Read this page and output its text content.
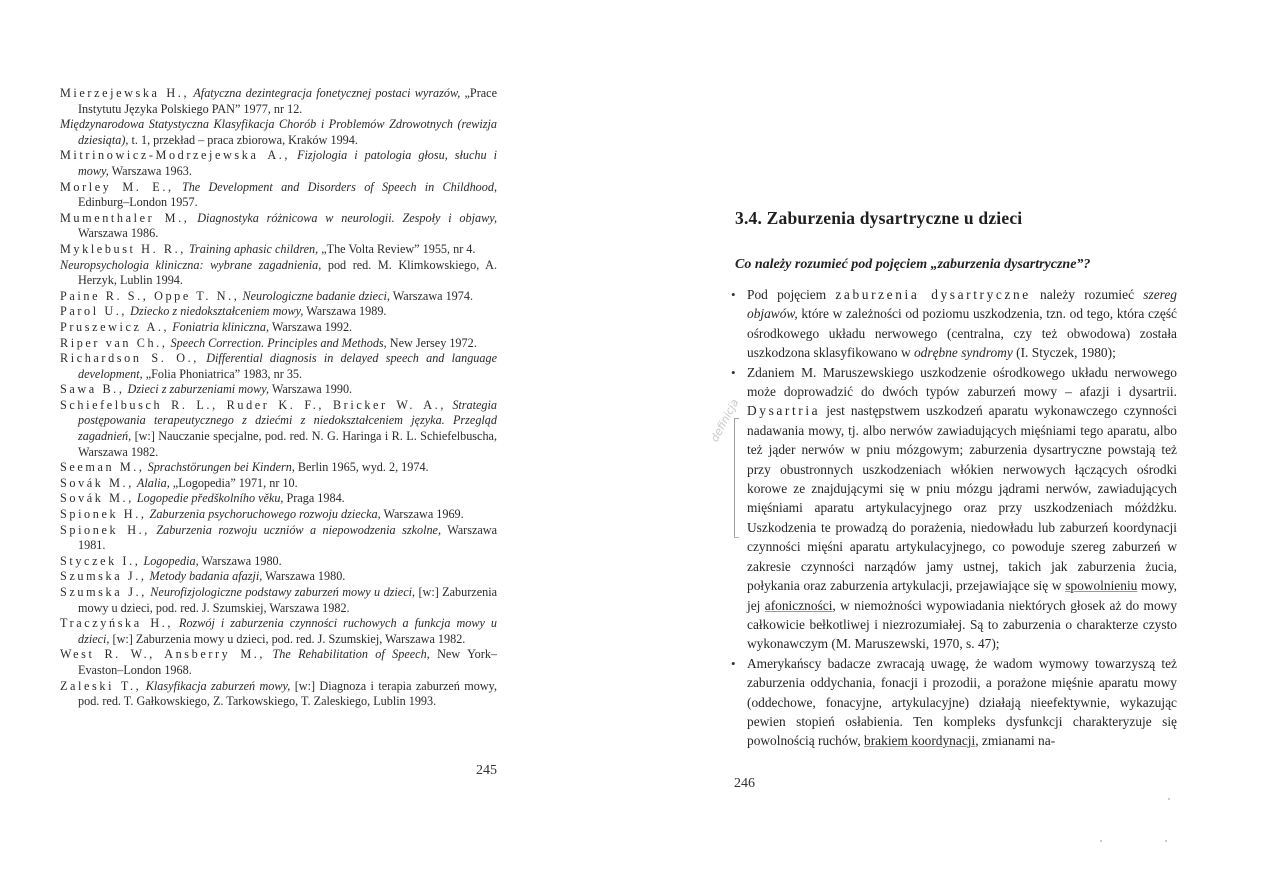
Mierzejewska H., Afatyczna dezintegracja fonetycznej postaci wyrazów, „Prace Instytutu Języka Polskiego PAN” 1977, nr 12.

Międzynarodowa Statystyczna Klasyfikacja Chorób i Problemów Zdrowotnych (rewizja dziesiąta), t. 1, przekład – praca zbiorowa, Kraków 1994.

Mitrinowicz-Modrzejewska A., Fizjologia i patologia głosu, słuchu i mowy, Warszawa 1963.

Morley M. E., The Development and Disorders of Speech in Childhood, Edinburg–London 1957.

Mumenthaler M., Diagnostyka różnicowa w neurologii. Zespoły i objawy, Warszawa 1986.

Myklebust H. R., Training aphasic children, „The Volta Review” 1955, nr 4.

Neuropsychologia kliniczna: wybrane zagadnienia, pod red. M. Klimkowskiego, A. Herzyk, Lublin 1994.

Paine R. S., Oppe T. N., Neurologiczne badanie dzieci, Warszawa 1974.

Parol U., Dziecko z niedokształceniem mowy, Warszawa 1989.

Pruszewicz A., Foniatria kliniczna, Warszawa 1992.

Riper van Ch., Speech Correction. Principles and Methods, New Jersey 1972.

Richardson S. O., Differential diagnosis in delayed speech and language development, „Folia Phoniatrica” 1983, nr 35.

Sawa B., Dzieci z zaburzeniami mowy, Warszawa 1990.

Schiefelbusch R. L., Ruder K. F., Bricker W. A., Strategia postępowania terapeutycznego z dziećmi z niedokształceniem języka. Przegląd zagadnień, [w:] Nauczanie specjalne, pod. red. N. G. Haringa i R. L. Schiefelbuscha, Warszawa 1982.

Seeman M., Sprachstörungen bei Kindern, Berlin 1965, wyd. 2, 1974.

Sovák M., Alalia, „Logopedia” 1971, nr 10.

Sovák M., Logopedie předškolního věku, Praga 1984.

Spionek H., Zaburzenia psychoruchowego rozwoju dziecka, Warszawa 1969.

Spionek H., Zaburzenia rozwoju uczniów a niepowodzenia szkolne, Warszawa 1981.

Styczek I., Logopedia, Warszawa 1980.

Szumska J., Metody badania afazji, Warszawa 1980.

Szumska J., Neurofizjologiczne podstawy zaburzeń mowy u dzieci, [w:] Zaburzenia mowy u dzieci, pod. red. J. Szumskiej, Warszawa 1982.

Traczyńska H., Rozwój i zaburzenia czynności ruchowych a funkcja mowy u dzieci, [w:] Zaburzenia mowy u dzieci, pod. red. J. Szumskiej, Warszawa 1982.

West R. W., Ansberry M., The Rehabilitation of Speech, New York–Evaston–London 1968.

Zaleski T., Klasyfikacja zaburzeń mowy, [w:] Diagnoza i terapia zaburzeń mowy, pod. red. T. Gałkowskiego, Z. Tarkowskiego, T. Zaleskiego, Lublin 1993.

245
3.4. Zaburzenia dysartryczne u dzieci

Co należy rozumieć pod pojęciem „zaburzenia dysartryczne”?

• Pod pojęciem zaburzenia dysartryczne należy rozumieć szereg objawów, które w zależności od poziomu uszkodzenia, tzn. od tego, która część ośrodkowego układu nerwowego (centralna, czy też obwodowa) została uszkodzona sklasyfikowano w odrębne syndromy (I. Styczek, 1980);
• Zdaniem M. Maruszewskiego uszkodzenie ośrodkowego układu nerwowego może doprowadzić do dwóch typów zaburzeń mowy – afazji i dysartrii. Dysartria jest następstwem uszkodzeń aparatu wykonawczego czynności nadawania mowy, tj. albo nerwów zawiadujących mięśniami tego aparatu, albo też jąder nerwów w pniu mózgowym; zaburzenia dysartryczne powstają też przy obustronnych uszkodzeniach włókien nerwowych łączących ośrodki korowe ze znajdującymi się w pniu mózgu jądrami nerwów, zawiadujących mięśniami aparatu artykulacyjnego oraz przy uszkodzeniach móżdżku. Uszkodzenia te prowadzą do porażenia, niedowładu lub zaburzeń koordynacji czynności mięśni aparatu artykulacyjnego, co powoduje szereg zaburzeń w zakresie czynności narządów jamy ustnej, takich jak zaburzenia żucia, połykania oraz zaburzenia artykulacji, przejawiające się w spowolnieniu mowy, jej afoniczności, w niemożności wypowiadania niektórych głosek aż do mowy całkowicie bełkotliwej i niezrozumiałej. Są to zaburzenia o charakterze czysto wykonawczym (M. Maruszewski, 1970, s. 47);
• Amerykańscy badacze zwracają uwagę, że wadom wymowy towarzyszą też zaburzenia oddychania, fonacji i prozodii, a porażone mięśnie aparatu mowy (oddechowe, fonacyjne, artykulacyjne) działają nieefektywnie, wykazując pewien stopień osłabienia. Ten kompleks dysfunkcji charakteryzuje się powolnością ruchów, brakiem koordynacji, zmianami na-
definicja
246
